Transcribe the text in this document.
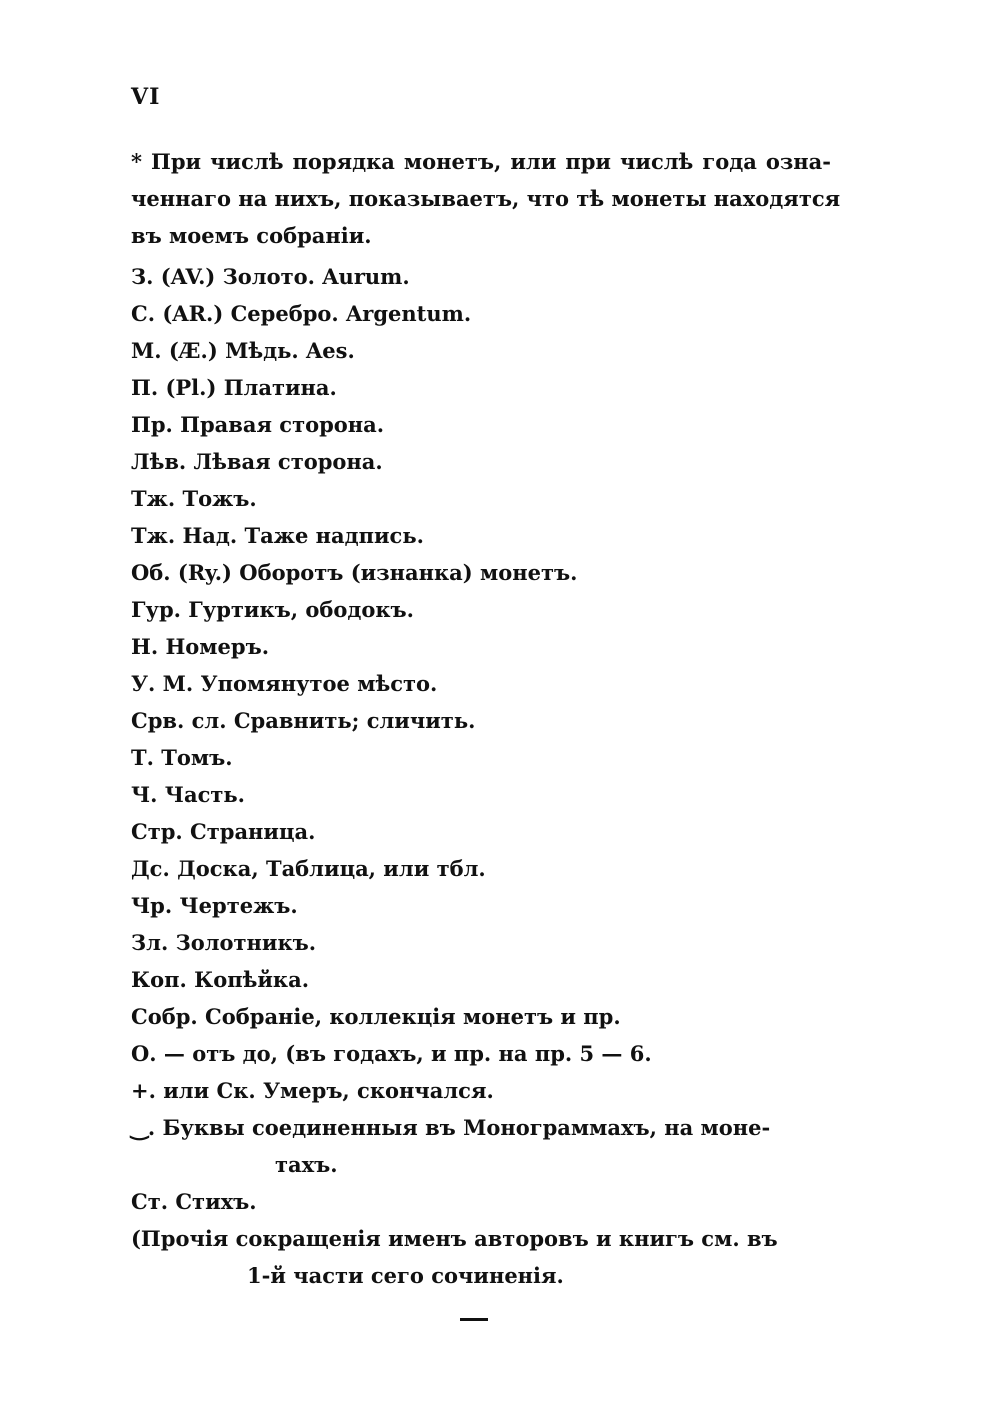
VI
* При числѣ порядка монетъ, или при числѣ года озна-
ченнаго на нихъ, показываетъ, что тѣ монеты находятся
въ моемъ собраніи.
З. (AV.) Золото. Aurum.
С. (AR.) Серебро. Argentum.
М. (Æ.) Мѣдь. Aes.
П. (Pl.) Платина.
Пр. Правая сторона.
Лѣв. Лѣвая сторона.
Тж. Тожъ.
Тж. Над. Таже надпись.
Об. (Ry.) Оборотъ (изнанка) монетъ.
Гур. Гуртикъ, ободокъ.
Н. Номеръ.
У. М. Упомянутое мѣсто.
Срв. сл. Сравнить; сличить.
Т. Томъ.
Ч. Часть.
Стр. Страница.
Дс. Доска, Таблица, или тбл.
Чр. Чертежъ.
Зл. Золотникъ.
Коп. Копѣйка.
Собр. Собраніе, коллекція монетъ и пр.
О. — отъ до, (въ годахъ, и пр. на пр. 5 — 6.
+. или Ск. Умеръ, скончался.
‿. Буквы соединенныя въ Монограммахъ, на моне-
тахъ.
Ст. Стихъ.
(Прочія сокращенія именъ авторовъ и книгъ см. въ
1-й части сего сочиненія.
